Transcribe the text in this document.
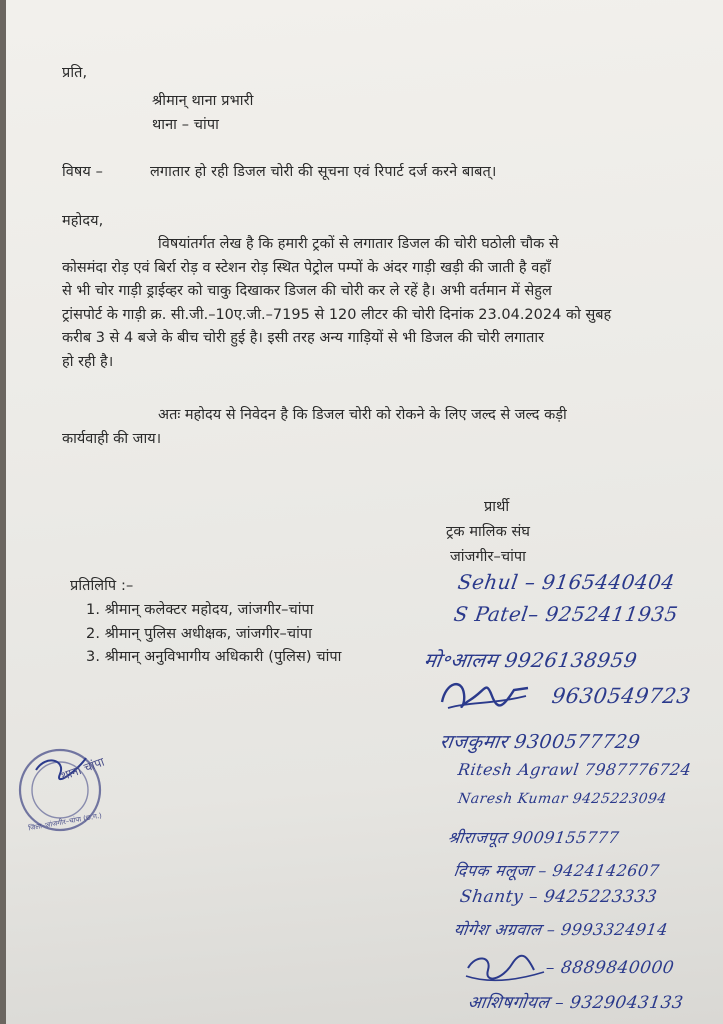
प्रति,
श्रीमान् थाना प्रभारी
थाना – चांपा
विषय –	लगातार हो रही डिजल चोरी की सूचना एवं रिपार्ट दर्ज करने बाबत्।
महोदय,
विषयांतर्गत लेख है कि हमारी ट्रकों से लगातार डिजल की चोरी घठोली चौक से
कोसमंदा रोड़ एवं बिर्रा रोड़ व स्टेशन रोड़ स्थित पेट्रोल पम्पों के अंदर गाड़ी खड़ी की जाती है वहाँ
से भी चोर गाड़ी ड्राईव्हर को चाकु दिखाकर डिजल की चोरी कर ले रहें है। अभी वर्तमान में सेहुल
ट्रांसपोर्ट के गाड़ी क्र. सी.जी.–10ए.जी.–7195 से 120 लीटर की चोरी दिनांक 23.04.2024 को सुबह
करीब 3 से 4 बजे के बीच चोरी हुई है। इसी तरह अन्य गाड़ियों से भी डिजल की चोरी लगातार
हो रही है।
अतः महोदय से निवेदन है कि डिजल चोरी को रोकने के लिए जल्द से जल्द कड़ी
कार्यवाही की जाय।
प्रार्थी
ट्रक मालिक संघ
जांजगीर–चांपा
प्रतिलिपि :–
1. श्रीमान् कलेक्टर महोदय, जांजगीर–चांपा
2. श्रीमान् पुलिस अधीक्षक, जांजगीर–चांपा
3. श्रीमान् अनुविभागीय अधिकारी (पुलिस) चांपा
Sehul – 9165440404
S Patel– 9252411935
मो॰आलम 9926138959
9630549723
राजकुमार 9300577729
Ritesh Agrawl 7987776724
Naresh Kumar 9425223094
श्रीराजपूत 9009155777
दिपक मलूजा – 9424142607
Shanty – 9425223333
योगेश अग्रवाल – 9993324914
– 8889840000
आशिषगोयल – 9329043133
थाना चांपा
जिला–जांजगीर–चांपा (छ.ग.)
